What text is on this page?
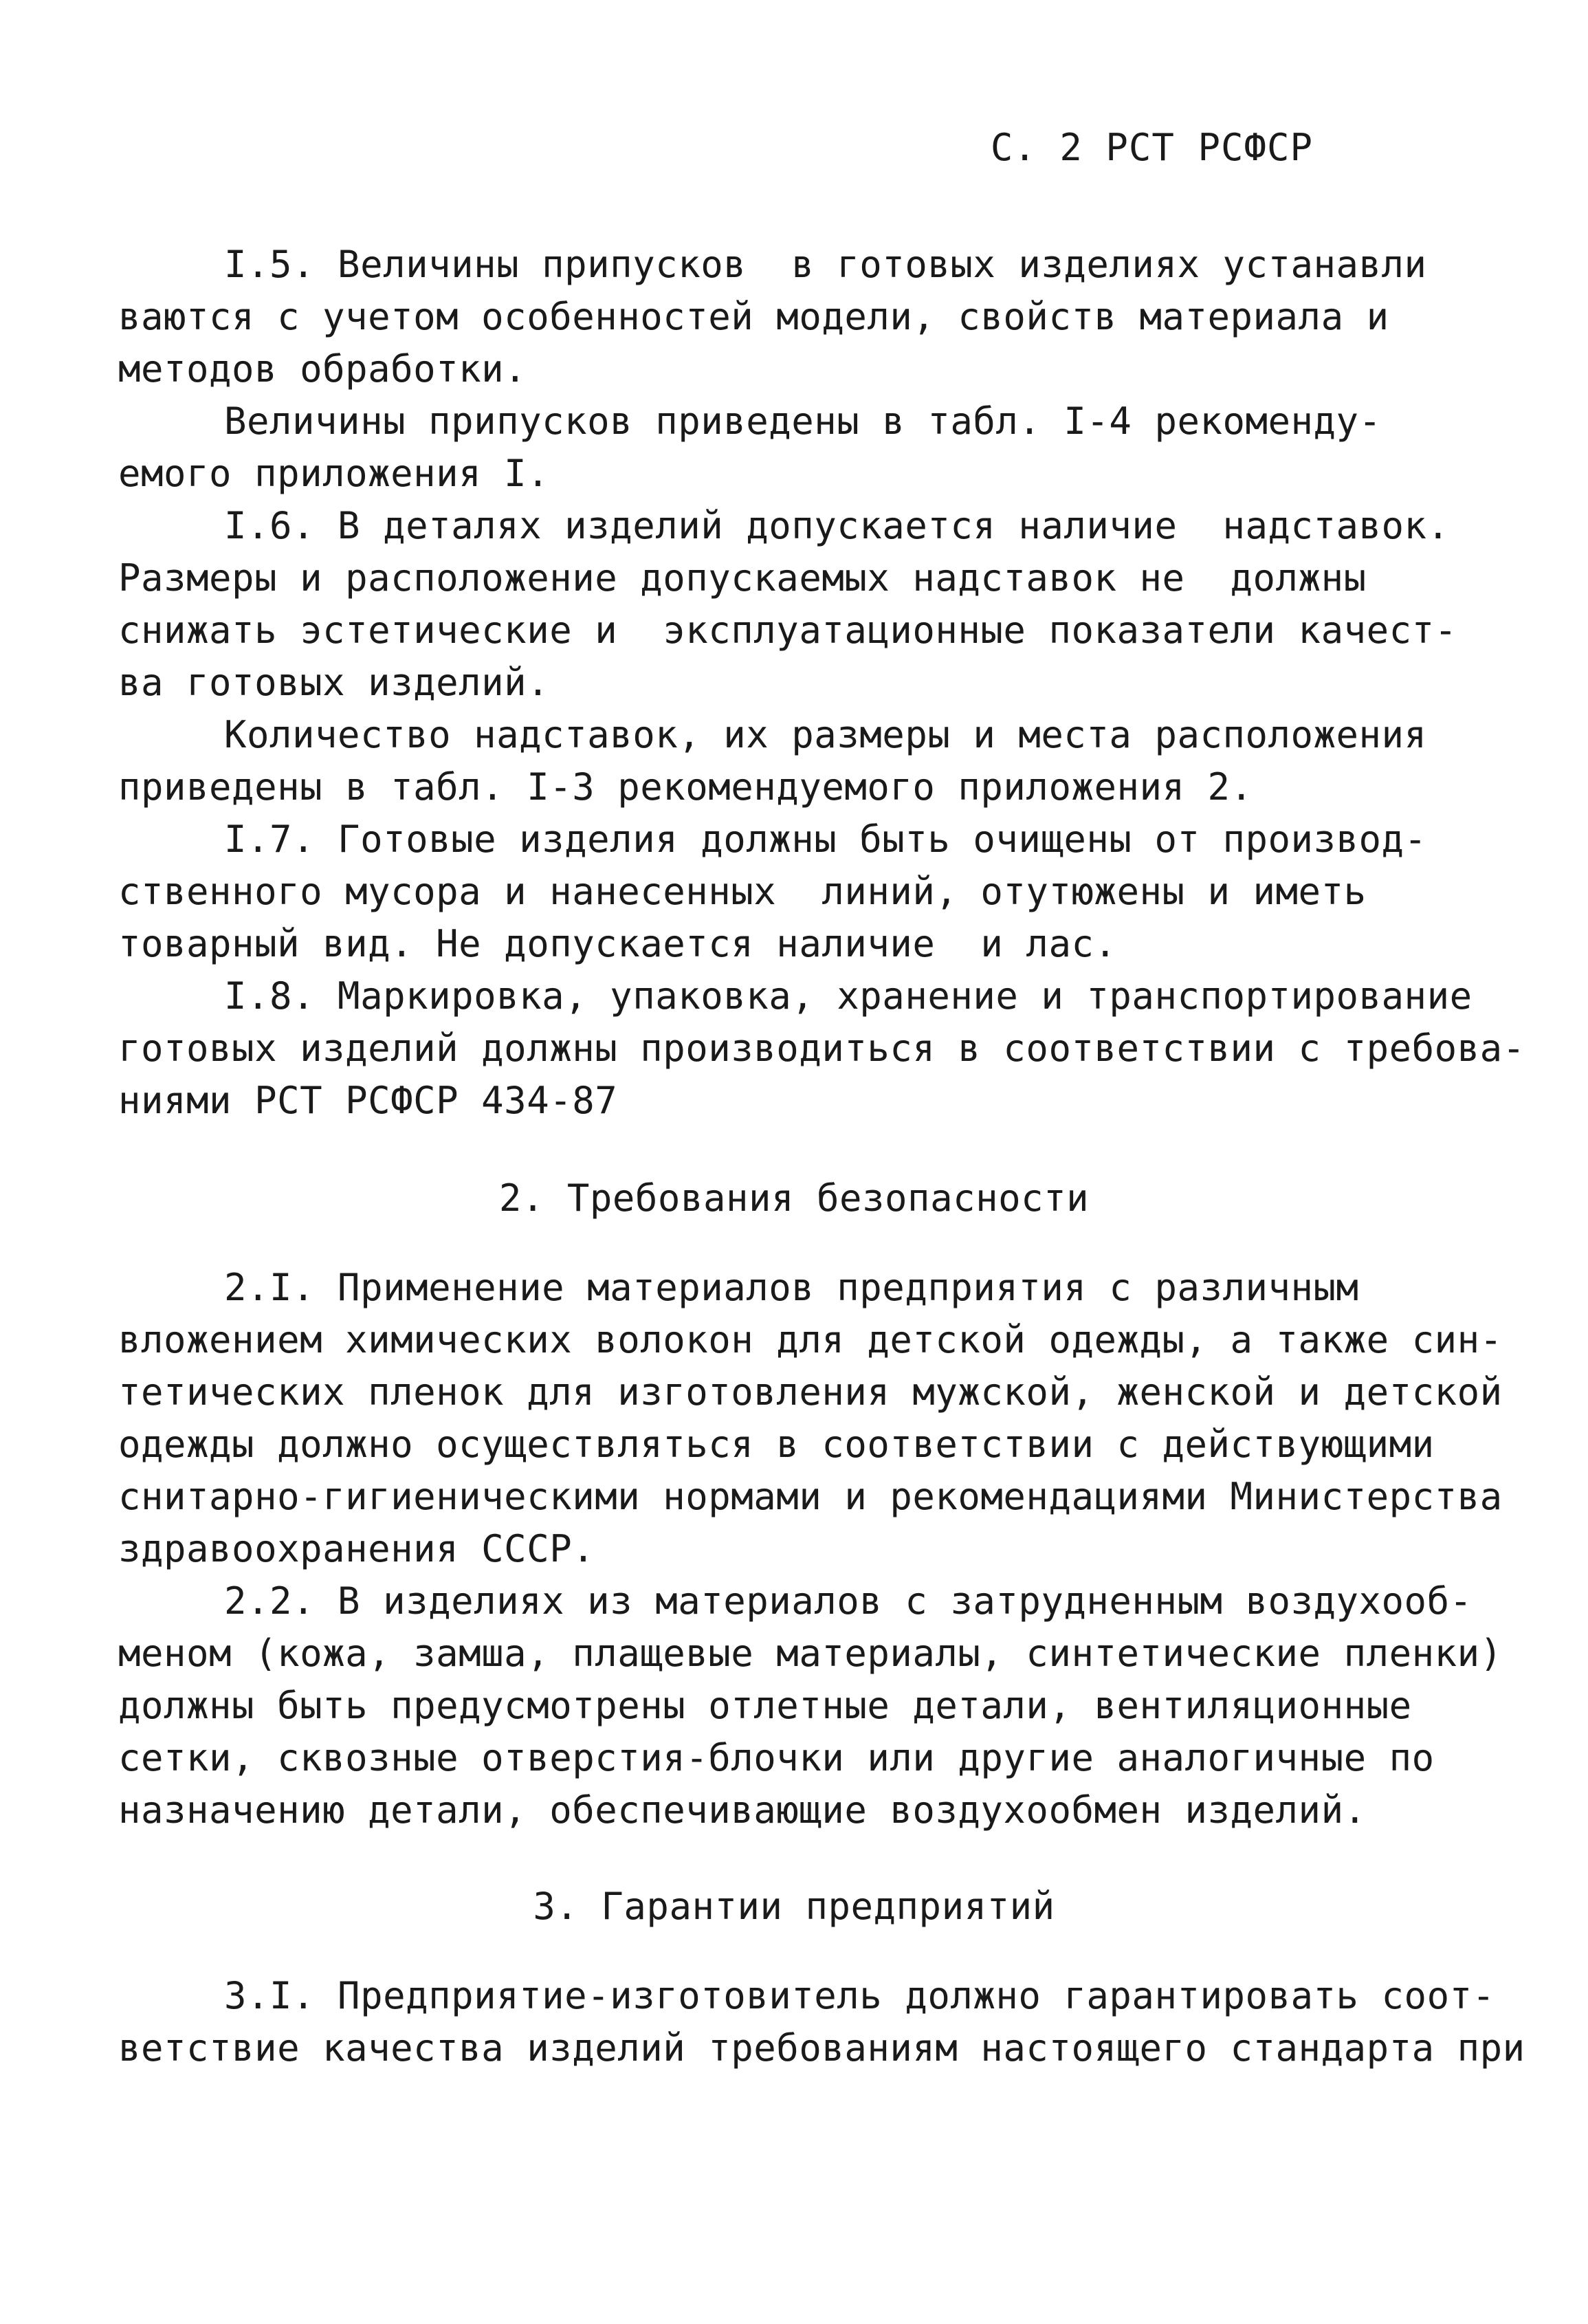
С. 2 РСТ РСФСР
I.5. Величины припусков  в готовых изделиях устанавли
ваются с учетом особенностей модели, свойств материала и
методов обработки.
Величины припусков приведены в табл. I-4 рекоменду-
емого приложения I.
I.6. В деталях изделий допускается наличие  надставок.
Размеры и расположение допускаемых надставок не  должны
снижать эстетические и  эксплуатационные показатели качест-
ва готовых изделий.
Количество надставок, их размеры и места расположения
приведены в табл. I-3 рекомендуемого приложения 2.
I.7. Готовые изделия должны быть очищены от производ-
ственного мусора и нанесенных  линий, отутюжены и иметь
товарный вид. Не допускается наличие  и лас.
I.8. Маркировка, упаковка, хранение и транспортирование
готовых изделий должны производиться в соответствии с требова-
ниями РСТ РСФСР 434-87
2. Требования безопасности
2.I. Применение материалов предприятия с различным
вложением химических волокон для детской одежды, а также син-
тетических пленок для изготовления мужской, женской и детской
одежды должно осуществляться в соответствии с действующими
снитарно-гигиеническими нормами и рекомендациями Министерства
здравоохранения СССР.
2.2. В изделиях из материалов с затрудненным воздухооб-
меном (кожа, замша, плащевые материалы, синтетические пленки)
должны быть предусмотрены отлетные детали, вентиляционные
сетки, сквозные отверстия-блочки или другие аналогичные по
назначению детали, обеспечивающие воздухообмен изделий.
3. Гарантии предприятий
3.I. Предприятие-изготовитель должно гарантировать соот-
ветствие качества изделий требованиям настоящего стандарта при
